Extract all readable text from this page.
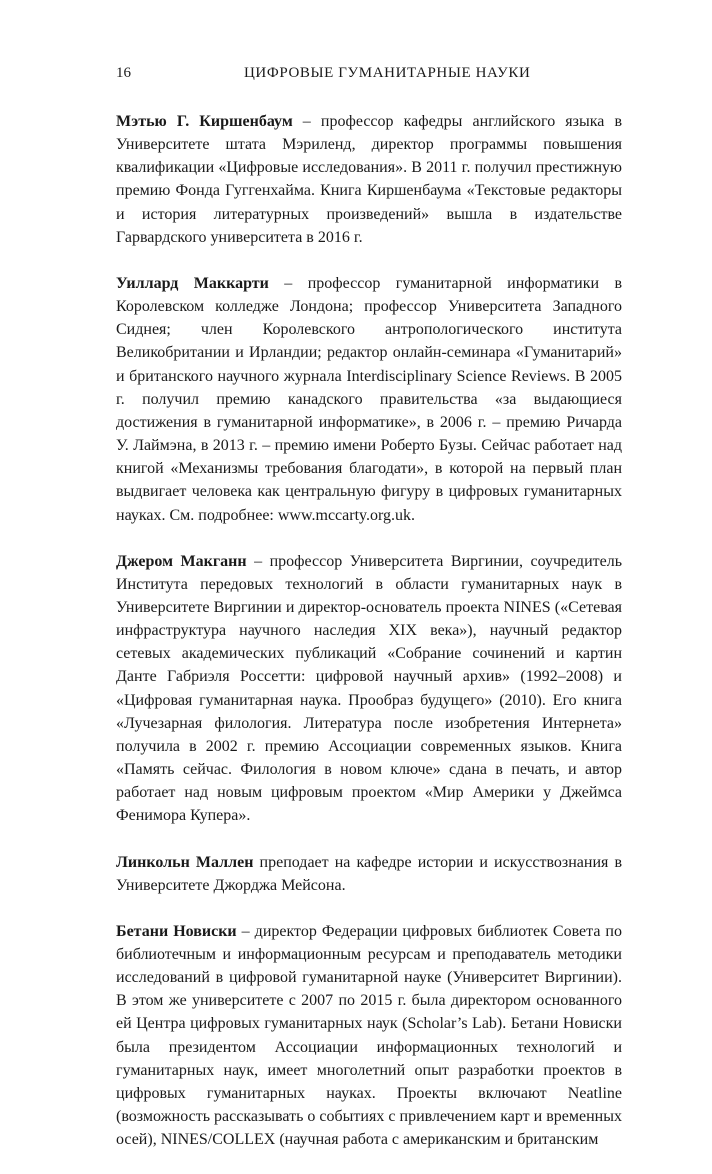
16	ЦИФРОВЫЕ ГУМАНИТАРНЫЕ НАУКИ

Мэтью Г. Киршенбаум – профессор кафедры английского языка в Университете штата Мэриленд, директор программы повышения квалификации «Цифровые исследования». В 2011 г. получил престижную премию Фонда Гуггенхайма. Книга Киршенбаума «Текстовые редакторы и история литературных произведений» вышла в издательстве Гарвардского университета в 2016 г.

Уиллард Маккарти – профессор гуманитарной информатики в Королевском колледже Лондона; профессор Университета Западного Сиднея; член Королевского антропологического института Великобритании и Ирландии; редактор онлайн-семинара «Гуманитарий» и британского научного журнала Interdisciplinary Science Reviews. В 2005 г. получил премию канадского правительства «за выдающиеся достижения в гуманитарной информатике», в 2006 г. – премию Ричарда У. Лаймэна, в 2013 г. – премию имени Роберто Бузы. Сейчас работает над книгой «Механизмы требования благодати», в которой на первый план выдвигает человека как центральную фигуру в цифровых гуманитарных науках. См. подробнее: www.mccarty.org.uk.

Джером Макганн – профессор Университета Виргинии, соучредитель Института передовых технологий в области гуманитарных наук в Университете Виргинии и директор-основатель проекта NINES («Сетевая инфраструктура научного наследия XIX века»), научный редактор сетевых академических публикаций «Собрание сочинений и картин Данте Габриэля Россетти: цифровой научный архив» (1992–2008) и «Цифровая гуманитарная наука. Прообраз будущего» (2010). Его книга «Лучезарная филология. Литература после изобретения Интернета» получила в 2002 г. премию Ассоциации современных языков. Книга «Память сейчас. Филология в новом ключе» сдана в печать, и автор работает над новым цифровым проектом «Мир Америки у Джеймса Фенимора Купера».

Линкольн Маллен преподает на кафедре истории и искусствознания в Университете Джорджа Мейсона.

Бетани Новиски – директор Федерации цифровых библиотек Совета по библиотечным и информационным ресурсам и преподаватель методики исследований в цифровой гуманитарной науке (Университет Виргинии). В этом же университете с 2007 по 2015 г. была директором основанного ей Центра цифровых гуманитарных наук (Scholar’s Lab). Бетани Новиски была президентом Ассоциации информационных технологий и гуманитарных наук, имеет многолетний опыт разработки проектов в цифровых гуманитарных науках. Проекты включают Neatline (возможность рассказывать о событиях с привлечением карт и временных осей), NINES/COLLEX (научная работа с американским и британским
